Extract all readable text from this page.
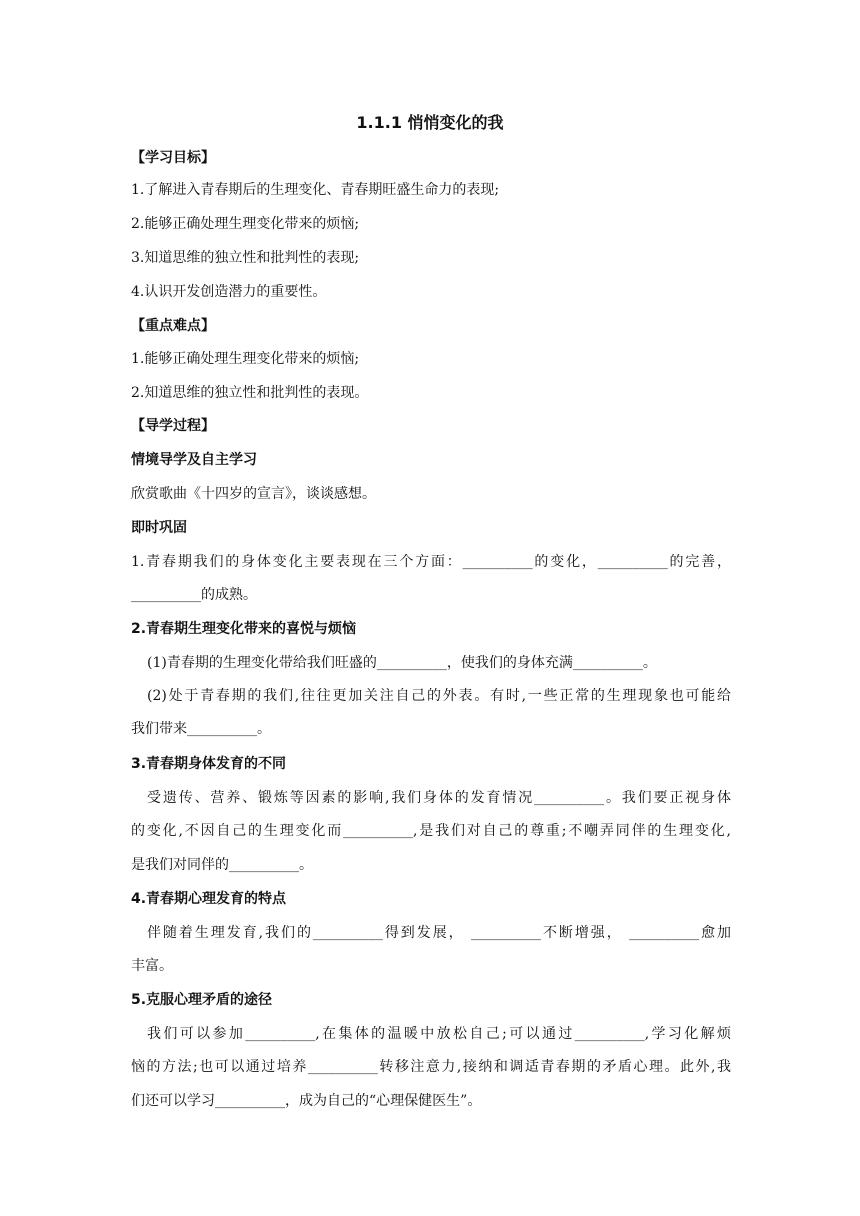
1.1.1 悄悄变化的我
【学习目标】
1.了解进入青春期后的生理变化、青春期旺盛生命力的表现;
2.能够正确处理生理变化带来的烦恼;
3.知道思维的独立性和批判性的表现;
4.认识开发创造潜力的重要性。
【重点难点】
1.能够正确处理生理变化带来的烦恼;
2.知道思维的独立性和批判性的表现。
【导学过程】
情境导学及自主学习
欣赏歌曲《十四岁的宣言》，谈谈感想。
即时巩固
1.青春期我们的身体变化主要表现在三个方面：__________的变化，__________的完善，
__________的成熟。
2.青春期生理变化带来的喜悦与烦恼
(1)青春期的生理变化带给我们旺盛的__________，使我们的身体充满__________。
(2)处于青春期的我们,往往更加关注自己的外表。有时,一些正常的生理现象也可能给
我们带来__________。
3.青春期身体发育的不同
受遗传、营养、锻炼等因素的影响,我们身体的发育情况__________。我们要正视身体
的变化,不因自己的生理变化而__________,是我们对自己的尊重;不嘲弄同伴的生理变化,
是我们对同伴的__________。
4.青春期心理发育的特点
伴随着生理发育,我们的__________得到发展， __________不断增强， __________愈加
丰富。
5.克服心理矛盾的途径
我们可以参加__________,在集体的温暖中放松自己;可以通过__________,学习化解烦
恼的方法;也可以通过培养__________转移注意力,接纳和调适青春期的矛盾心理。此外,我
们还可以学习__________，成为自己的“心理保健医生”。
